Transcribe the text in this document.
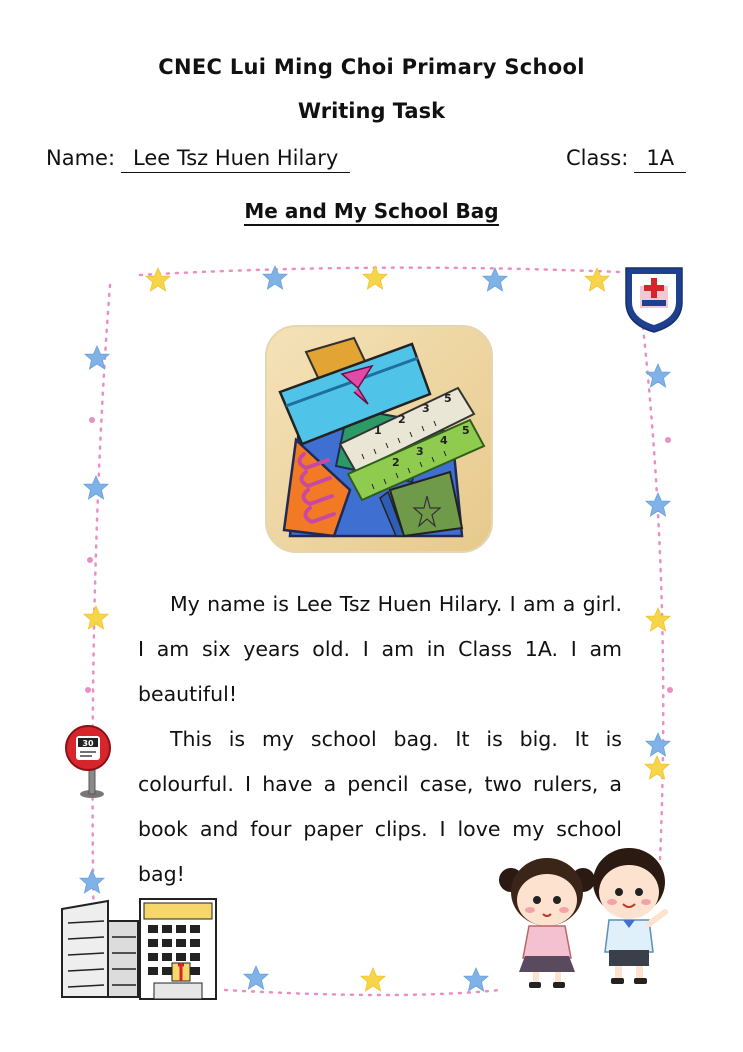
CNEC Lui Ming Choi Primary School
Writing Task
Name: Lee Tsz Huen Hilary	Class: 1A
Me and My School Bag
1
2
3
5
2
3
4
5

My name is Lee Tsz Huen Hilary. I am a girl. I am six years old. I am in Class 1A. I am beautiful!

This is my school bag. It is big. It is colourful. I have a pencil case, two rulers, a book and four paper clips. I love my school bag!

30
